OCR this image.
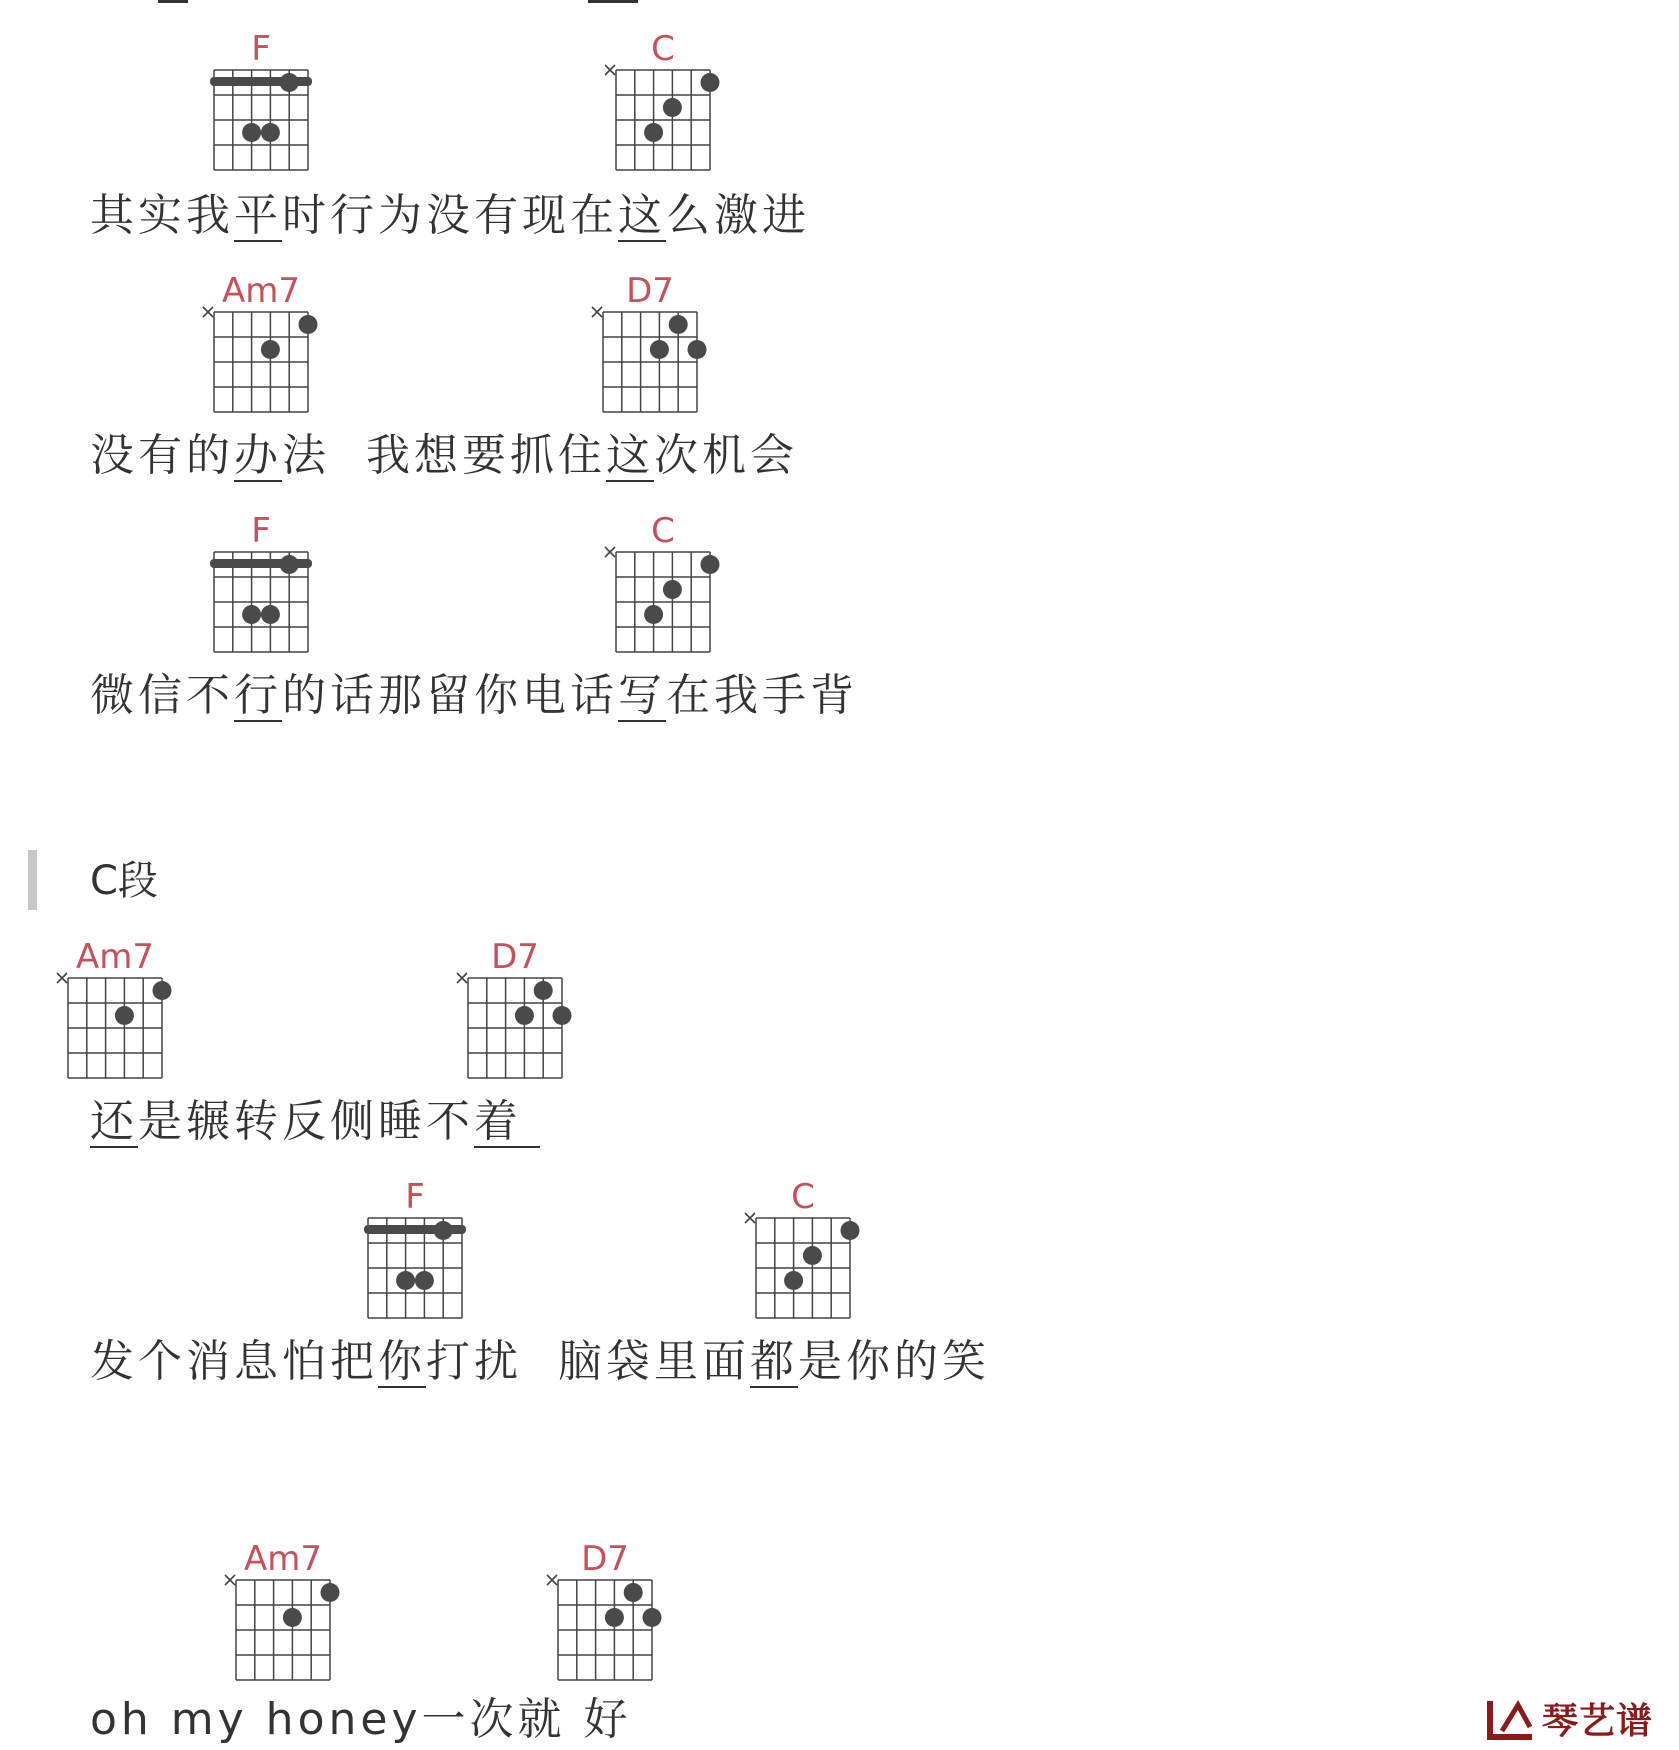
F	C
Am7	D7
F	C
Am7	D7
F	C
Am7	D7
其实我平时行为没有现在这么激进
没有的办法  我想要抓住这次机会
微信不行的话那留你电话写在我手背
C段
还是辗转反侧睡不着
发个消息怕把你打扰  脑袋里面都是你的笑
oh my honey一次就 好	琴艺谱
